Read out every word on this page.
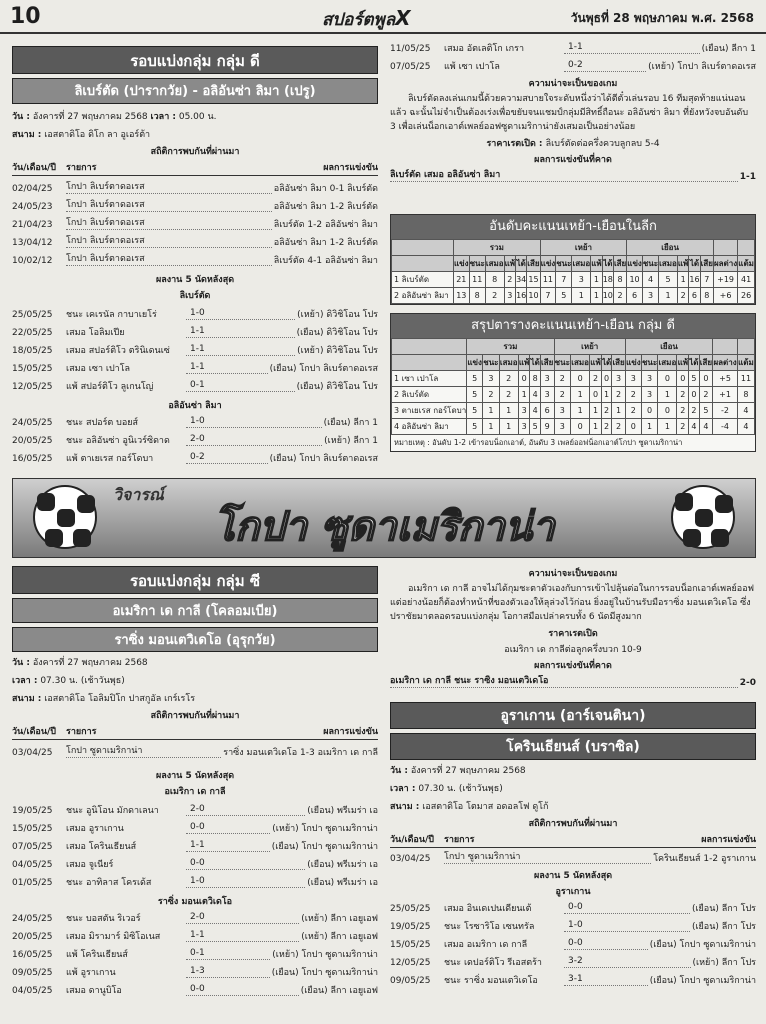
10	สปอร์ตพูลX	วันพุธที่ 28 พฤษภาคม พ.ศ. 2568
รอบแบ่งกลุ่ม กลุ่ม ดี
ลิเบร์ตัด (ปารากวัย) - อลิอันซ่า ลิมา (เปรู)
วัน : อังคารที่ 27 พฤษภาคม 2568 เวลา : 05.00 น.
สนาม : เอสตาดิโอ ดิโก ลา อูเอร์ต้า
สถิติการพบกันที่ผ่านมา
วัน/เดือน/ปี	รายการ	ผลการแข่งขัน
02/04/25	โกปา ลิเบร์ตาดอเรส	อลิอันซ่า ลิมา 0-1 ลิเบร์ตัด
24/05/23	โกปา ลิเบร์ตาดอเรส	อลิอันซ่า ลิมา 1-2 ลิเบร์ตัด
21/04/23	โกปา ลิเบร์ตาดอเรส	ลิเบร์ตัด 1-2 อลิอันซ่า ลิมา
13/04/12	โกปา ลิเบร์ตาดอเรส	อลิอันซ่า ลิมา 1-2 ลิเบร์ตัด
10/02/12	โกปา ลิเบร์ตาดอเรส	ลิเบร์ตัด 4-1 อลิอันซ่า ลิมา
ผลงาน 5 นัดหลังสุด
ลิเบร์ตัด
25/05/25	ชนะ เคเรนัล กาบาเยโร่	1-0	(เหย้า) ดิวิชิโอน โปร
22/05/25	เสมอ โอลิมเปีย	1-1	(เยือน) ดิวิชิโอน โปร
18/05/25	เสมอ สปอร์ติโว ตรินิเดนเซ่	1-1	(เหย้า) ดิวิชิโอน โปร
15/05/25	เสมอ เซา เปาโล	1-1	(เยือน) โกปา ลิเบร์ตาดอเรส
12/05/25	แพ้ สปอร์ติโว ลูเกนโญ่	0-1	(เยือน) ดิวิชิโอน โปร
อลิอันซ่า ลิมา
24/05/25	ชนะ สปอร์ต บอยส์	1-0	(เยือน) ลีกา 1
20/05/25	ชนะ อลิอันซ่า อูนิเวร์ซิดาด	2-0	(เหย้า) ลีกา 1
16/05/25	แพ้ ตาเยเรส กอร์โดบา	0-2	(เยือน) โกปา ลิเบร์ตาดอเรส
11/05/25	เสมอ อัตเลติโก เกรา	1-1	(เยือน) ลีกา 1
07/05/25	แพ้ เซา เปาโล	0-2	(เหย้า) โกปา ลิเบร์ตาดอเรส
ความน่าจะเป็นของเกม
ลิเบร์ตัดลงเล่นเกมนี้ด้วยความสบายใจระดับหนึ่งว่าได้ตีตั๋วเล่นรอบ 16 ทีมสุดท้ายแน่นอนแล้ว ฉะนั้นไม่จำเป็นต้องเร่งเพื่อขยับจนแชมป์กลุ่มมีสิทธิ์ถือนะ อลิอันซ่า ลิมา ที่ยังหวังจบอันดับ 3 เพื่อเล่นน็อกเอาต์เพลย์ออฟซูดาเมริกาน่ายังเสมอเป็นอย่างน้อย
ราคาเรตเปิด : ลิเบร์ตัดต่อครึ่งควบลูกลบ 5-4
ผลการแข่งขันที่คาด
ลิเบร์ตัด เสมอ อลิอันซ่า ลิมา	1-1
อันดับคะแนนเหย้า-เยือนในลีก
	รวม						เหย้า						เยือน							
	แข่ง	ชนะ	เสมอ	แพ้	ได้	เสีย	แข่ง	ชนะ	เสมอ	แพ้	ได้	เสีย	แข่ง	ชนะ	เสมอ	แพ้	ได้	เสีย	ผลต่าง	แต้ม
1 ลิเบร์ตัด	21	11	8	2	34	15	11	7	3	1	18	8	10	4	5	1	16	7	+19	41
2 อลิอันซ่า ลิมา	13	8	2	3	16	10	7	5	1	1	10	2	6	3	1	2	6	8	+6	26
สรุปตารางคะแนนเหย้า-เยือน กลุ่ม ดี
	รวม						เหย้า					เยือน							
	แข่ง	ชนะ	เสมอ	แพ้	ได้	เสีย	ชนะ	เสมอ	แพ้	ได้	เสีย	แข่ง	ชนะ	เสมอ	แพ้	ได้	เสีย	ผลต่าง	แต้ม
1 เซา เปาโล	5	3	2	0	8	3	2	0	2	0	3	3	3	0	0	5	0	+5	11
2 ลิเบร์ตัด	5	2	2	1	4	3	2	1	0	1	2	2	3	1	2	0	2	+1	8
3 ตาเยเรส กอร์โดบา	5	1	1	3	4	6	3	1	1	2	1	2	0	0	2	2	5	-2	4
4 อลิอันซ่า ลิมา	5	1	1	3	5	9	3	0	1	2	2	0	1	1	2	4	4	-4	4
หมายเหตุ : อันดับ 1-2 เข้ารอบน็อกเอาต์, อันดับ 3 เพลย์ออฟน็อกเอาต์โกปา ซูดาเมริกาน่า
วิจารณ์
โกปา ซูดาเมริกาน่า
รอบแบ่งกลุ่ม กลุ่ม ซี
อเมริกา เด กาลี (โคลอมเบีย)
ราซิ่ง มอนเตวิเดโอ (อุรุกวัย)
วัน : อังคารที่ 27 พฤษภาคม 2568
เวลา : 07.30 น. (เช้าวันพุธ)
สนาม : เอสตาดิโอ โอลิมปิโก ปาสกูอัล เกร์เรโร
สถิติการพบกันที่ผ่านมา
วัน/เดือน/ปี	รายการ	ผลการแข่งขัน
03/04/25	โกปา ซูดาเมริกาน่า	ราซิ่ง มอนเตวิเดโอ 1-3 อเมริกา เด กาลี
ผลงาน 5 นัดหลังสุด
อเมริกา เด กาลี
19/05/25	ชนะ อูนิโอน มักดาเลนา	2-0	(เยือน) พรีเมร่า เอ
15/05/25	เสมอ อูราเกาน	0-0	(เหย้า) โกปา ซูดาเมริกาน่า
07/05/25	เสมอ โครินเธียนส์	1-1	(เยือน) โกปา ซูดาเมริกาน่า
04/05/25	เสมอ จูเนียร์	0-0	(เยือน) พรีเมร่า เอ
01/05/25	ชนะ อาทิลาส โครเด้ส	1-0	(เยือน) พรีเมร่า เอ
ราซิ่ง มอนเตวิเดโอ
24/05/25	ชนะ บอสตัน ริเวอร์	2-0	(เหย้า) ลีกา เอยูเอฟ
20/05/25	เสมอ มิรามาร์ มิซิโอเนส	1-1	(เหย้า) ลีกา เอยูเอฟ
16/05/25	แพ้ โครินเธียนส์	0-1	(เหย้า) โกปา ซูดาเมริกาน่า
09/05/25	แพ้ อูราเกาน	1-3	(เยือน) โกปา ซูดาเมริกาน่า
04/05/25	เสมอ ดานูบิโอ	0-0	(เยือน) ลีกา เอยูเอฟ
ความน่าจะเป็นของเกม
อเมริกา เด กาลี อาจไม่ได้กุมชะตาตัวเองกับการเข้าไปลุ้นต่อในการรอบน็อกเอาต์เพลย์ออฟ แต่อย่างน้อยก็ต้องทำหน้าที่ของตัวเองให้ลุล่วงไว้ก่อน ยิ่งอยู่ในบ้านรับมือราซิ่ง มอนเตวิเดโอ ซึ่งปราชัยมาตลอดรอบแบ่งกลุ่ม โอกาสมือเปล่าครบทั้ง 6 นัดมีสูงมาก
ราคาเรตเปิด
อเมริกา เด กาลีต่อลูกครึ่งบวก 10-9
ผลการแข่งขันที่คาด
อเมริกา เด กาลี ชนะ ราซิ่ง มอนเตวิเดโอ	2-0
อูราเกาน (อาร์เจนตินา)
โครินเธียนส์ (บราซิล)
วัน : อังคารที่ 27 พฤษภาคม 2568
เวลา : 07.30 น. (เช้าวันพุธ)
สนาม : เอสตาดิโอ โตมาส อดอลโฟ ดูโก้
สถิติการพบกันที่ผ่านมา
วัน/เดือน/ปี	รายการ	ผลการแข่งขัน
03/04/25	โกปา ซูดาเมริกาน่า	โครินเธียนส์ 1-2 อูราเกาน
ผลงาน 5 นัดหลังสุด
อูราเกาน
25/05/25	เสมอ อินเดเปนเดียนเต้	0-0	(เยือน) ลีกา โปร
19/05/25	ชนะ โรซาริโอ เซนทรัล	1-0	(เยือน) ลีกา โปร
15/05/25	เสมอ อเมริกา เด กาลี	0-0	(เยือน) โกปา ซูดาเมริกาน่า
12/05/25	ชนะ เดปอร์ติโว รีเอสตร้า	3-2	(เหย้า) ลีกา โปร
09/05/25	ชนะ ราซิ่ง มอนเตวิเดโอ	3-1	(เยือน) โกปา ซูดาเมริกาน่า
